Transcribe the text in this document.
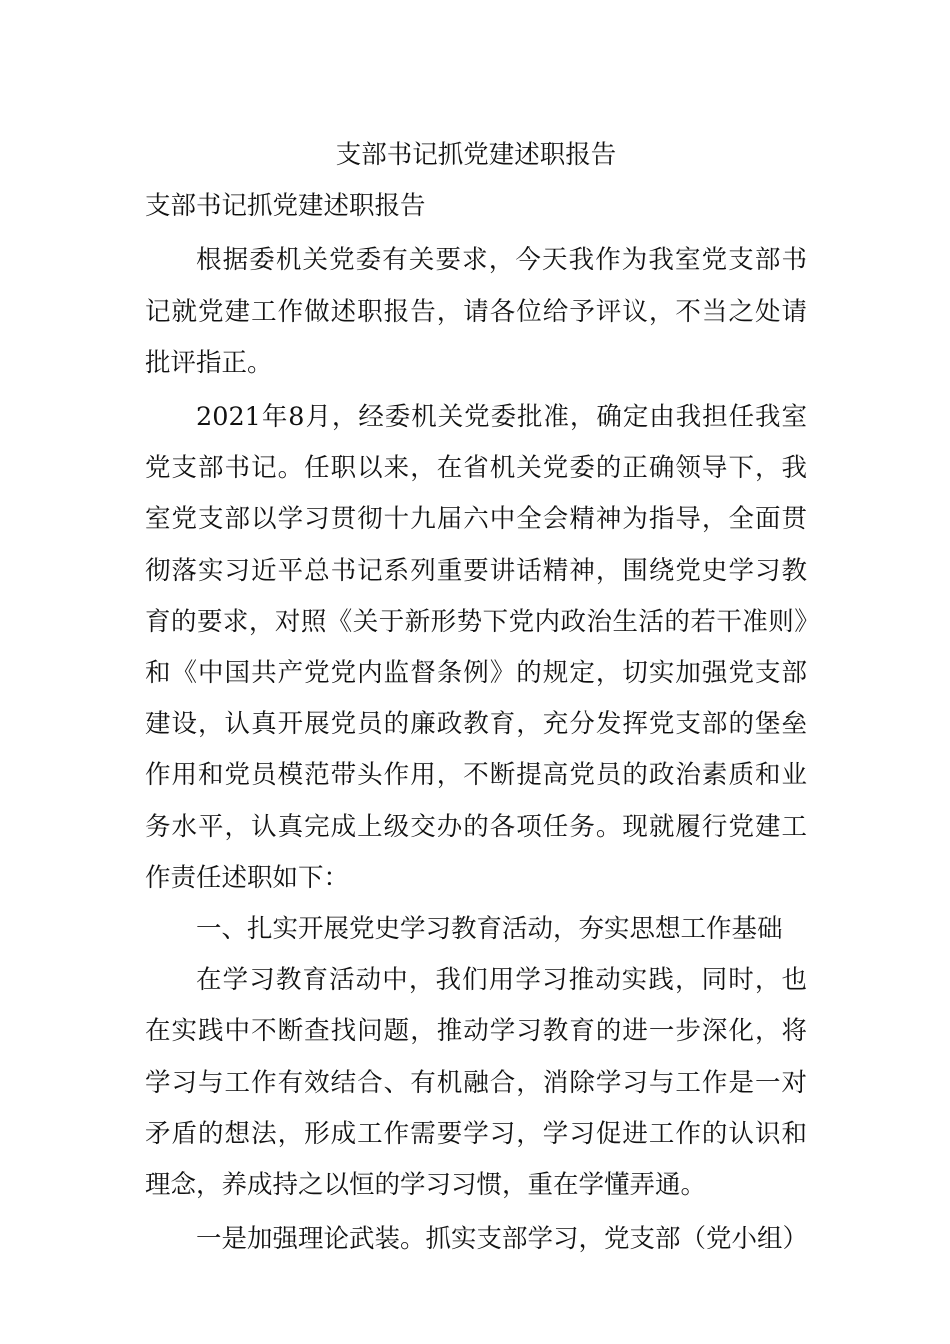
支部书记抓党建述职报告
支部书记抓党建述职报告

根据委机关党委有关要求，今天我作为我室党支部书记就党建工作做述职报告，请各位给予评议，不当之处请批评指正。

2021年8月，经委机关党委批准，确定由我担任我室党支部书记。任职以来，在省机关党委的正确领导下，我室党支部以学习贯彻十九届六中全会精神为指导，全面贯彻落实习近平总书记系列重要讲话精神，围绕党史学习教育的要求，对照《关于新形势下党内政治生活的若干准则》和《中国共产党党内监督条例》的规定，切实加强党支部建设，认真开展党员的廉政教育，充分发挥党支部的堡垒作用和党员模范带头作用，不断提高党员的政治素质和业务水平，认真完成上级交办的各项任务。现就履行党建工作责任述职如下：

一、扎实开展党史学习教育活动，夯实思想工作基础

在学习教育活动中，我们用学习推动实践，同时，也在实践中不断查找问题，推动学习教育的进一步深化，将学习与工作有效结合、有机融合，消除学习与工作是一对矛盾的想法，形成工作需要学习，学习促进工作的认识和理念，养成持之以恒的学习习惯，重在学懂弄通。

一是加强理论武装。抓实支部学习，党支部（党小组）
